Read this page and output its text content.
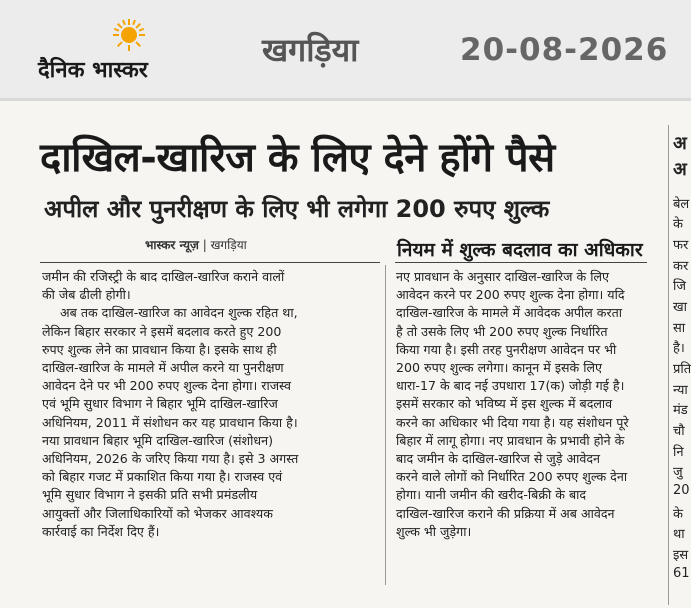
दैनिक भास्कर
खगड़िया	20-08-2026
दाखिल-खारिज के लिए देने होंगे पैसे
अपील और पुनरीक्षण के लिए भी लगेगा 200 रुपए शुल्क
भास्कर न्यूज़ | खगड़िया	नियम में शुल्क बदलाव का अधिकार

जमीन की रजिस्ट्री के बाद दाखिल-खारिज कराने वालों

की जेब ढीली होगी।

अब तक दाखिल-खारिज का आवेदन शुल्क रहित था,

लेकिन बिहार सरकार ने इसमें बदलाव करते हुए 200

रुपए शुल्क लेने का प्रावधान किया है। इसके साथ ही

दाखिल-खारिज के मामले में अपील करने या पुनरीक्षण

आवेदन देने पर भी 200 रुपए शुल्क देना होगा। राजस्व

एवं भूमि सुधार विभाग ने बिहार भूमि दाखिल-खारिज

अधिनियम, 2011 में संशोधन कर यह प्रावधान किया है।

नया प्रावधान बिहार भूमि दाखिल-खारिज (संशोधन)

अधिनियम, 2026 के जरिए किया गया है। इसे 3 अगस्त

को बिहार गजट में प्रकाशित किया गया है। राजस्व एवं

भूमि सुधार विभाग ने इसकी प्रति सभी प्रमंडलीय

आयुक्तों और जिलाधिकारियों को भेजकर आवश्यक

कार्रवाई का निर्देश दिए हैं।

नए प्रावधान के अनुसार दाखिल-खारिज के लिए

आवेदन करने पर 200 रुपए शुल्क देना होगा। यदि

दाखिल-खारिज के मामले में आवेदक अपील करता

है तो उसके लिए भी 200 रुपए शुल्क निर्धारित

किया गया है। इसी तरह पुनरीक्षण आवेदन पर भी

200 रुपए शुल्क लगेगा। कानून में इसके लिए

धारा-17 के बाद नई उपधारा 17(क) जोड़ी गई है।

इसमें सरकार को भविष्य में इस शुल्क में बदलाव

करने का अधिकार भी दिया गया है। यह संशोधन पूरे

बिहार में लागू होगा। नए प्रावधान के प्रभावी होने के

बाद जमीन के दाखिल-खारिज से जुड़े आवेदन

करने वाले लोगों को निर्धारित 200 रुपए शुल्क देना

होगा। यानी जमीन की खरीद-बिक्री के बाद

दाखिल-खारिज कराने की प्रक्रिया में अब आवेदन

शुल्क भी जुड़ेगा।

अ
अ
बेल
के
फर
कर
जि
खा
सा
है।
प्रति
न्या
मंड
चौ
नि
जु
20
के
था
इस
61
